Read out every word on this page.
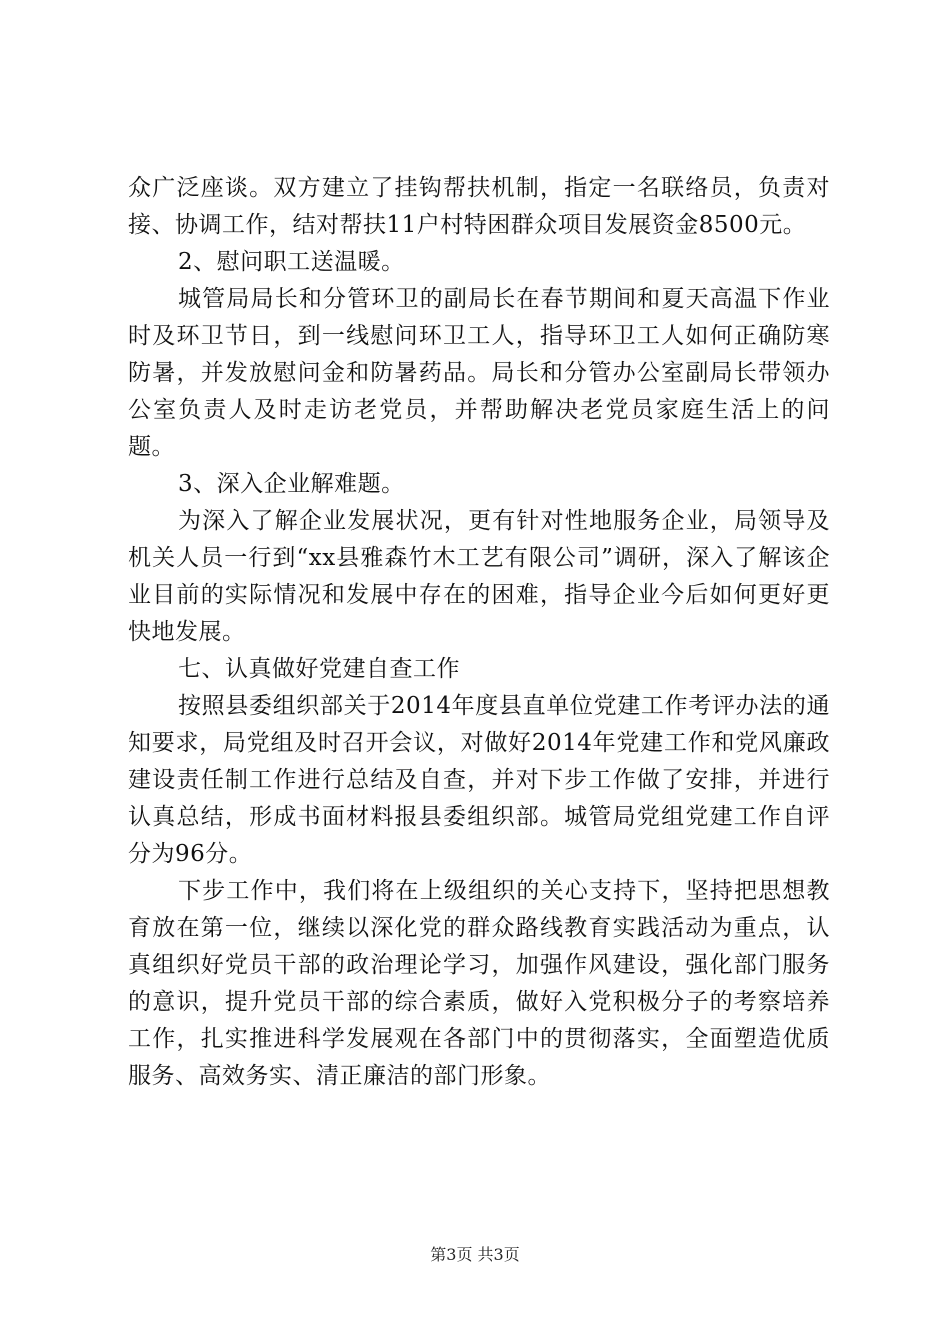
众广泛座谈。双方建立了挂钩帮扶机制，指定一名联络员，负责对接、协调工作，结对帮扶11户村特困群众项目发展资金8500元。

2、慰问职工送温暖。

城管局局长和分管环卫的副局长在春节期间和夏天高温下作业时及环卫节日，到一线慰问环卫工人，指导环卫工人如何正确防寒防暑，并发放慰问金和防暑药品。局长和分管办公室副局长带领办公室负责人及时走访老党员，并帮助解决老党员家庭生活上的问题。

3、深入企业解难题。

为深入了解企业发展状况，更有针对性地服务企业，局领导及机关人员一行到“xx县雅森竹木工艺有限公司”调研，深入了解该企业目前的实际情况和发展中存在的困难，指导企业今后如何更好更快地发展。

七、认真做好党建自查工作

按照县委组织部关于2014年度县直单位党建工作考评办法的通知要求，局党组及时召开会议，对做好2014年党建工作和党风廉政建设责任制工作进行总结及自查，并对下步工作做了安排，并进行认真总结，形成书面材料报县委组织部。城管局党组党建工作自评分为96分。

下步工作中，我们将在上级组织的关心支持下，坚持把思想教育放在第一位，继续以深化党的群众路线教育实践活动为重点，认真组织好党员干部的政治理论学习，加强作风建设，强化部门服务的意识，提升党员干部的综合素质，做好入党积极分子的考察培养工作，扎实推进科学发展观在各部门中的贯彻落实，全面塑造优质服务、高效务实、清正廉洁的部门形象。

第3页 共3页
